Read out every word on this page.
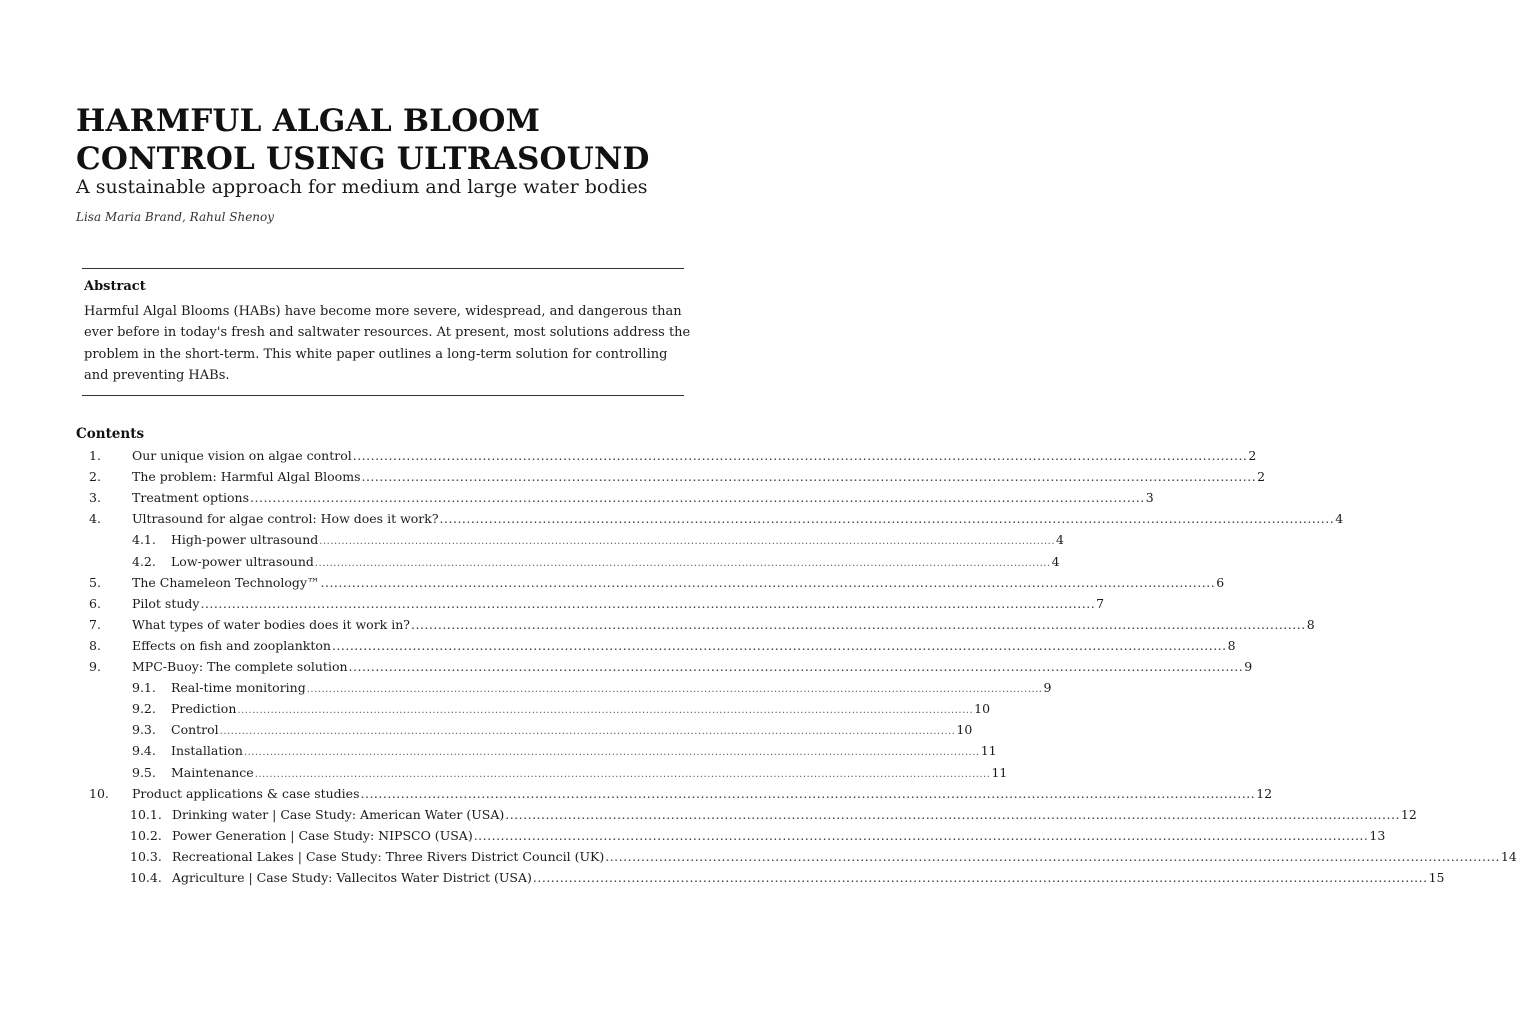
HARMFUL ALGAL BLOOM
CONTROL USING ULTRASOUND
A sustainable approach for medium and large water bodies
Lisa Maria Brand, Rahul Shenoy
Abstract

Harmful Algal Blooms (HABs) have become more severe, widespread, and dangerous than
ever before in today's fresh and saltwater resources. At present, most solutions address the
problem in the short-term. This white paper outlines a long-term solution for controlling
and preventing HABs.

Contents
1. Our unique vision on algae control ........................................................................................................................................................................................................ 2
2. The problem: Harmful Algal Blooms ........................................................................................................................................................................................................ 2
3. Treatment options ........................................................................................................................................................................................................ 3
4. Ultrasound for algae control: How does it work? ........................................................................................................................................................................................................ 4
4.1. High-power ultrasound ........................................................................................................................................................................................................ 4
4.2. Low-power ultrasound ........................................................................................................................................................................................................ 4
5. The Chameleon Technology™ ........................................................................................................................................................................................................ 6
6. Pilot study ........................................................................................................................................................................................................ 7
7. What types of water bodies does it work in? ........................................................................................................................................................................................................ 8
8. Effects on fish and zooplankton ........................................................................................................................................................................................................ 8
9. MPC-Buoy: The complete solution ........................................................................................................................................................................................................ 9
9.1. Real-time monitoring ........................................................................................................................................................................................................ 9
9.2. Prediction ........................................................................................................................................................................................................ 10
9.3. Control ........................................................................................................................................................................................................ 10
9.4. Installation ........................................................................................................................................................................................................ 11
9.5. Maintenance ........................................................................................................................................................................................................ 11
10. Product applications & case studies ........................................................................................................................................................................................................ 12
10.1. Drinking water | Case Study: American Water (USA) ........................................................................................................................................................................................................ 12
10.2. Power Generation | Case Study: NIPSCO (USA) ........................................................................................................................................................................................................ 13
10.3. Recreational Lakes | Case Study: Three Rivers District Council (UK) ........................................................................................................................................................................................................ 14
10.4. Agriculture | Case Study: Vallecitos Water District (USA) ........................................................................................................................................................................................................ 15
